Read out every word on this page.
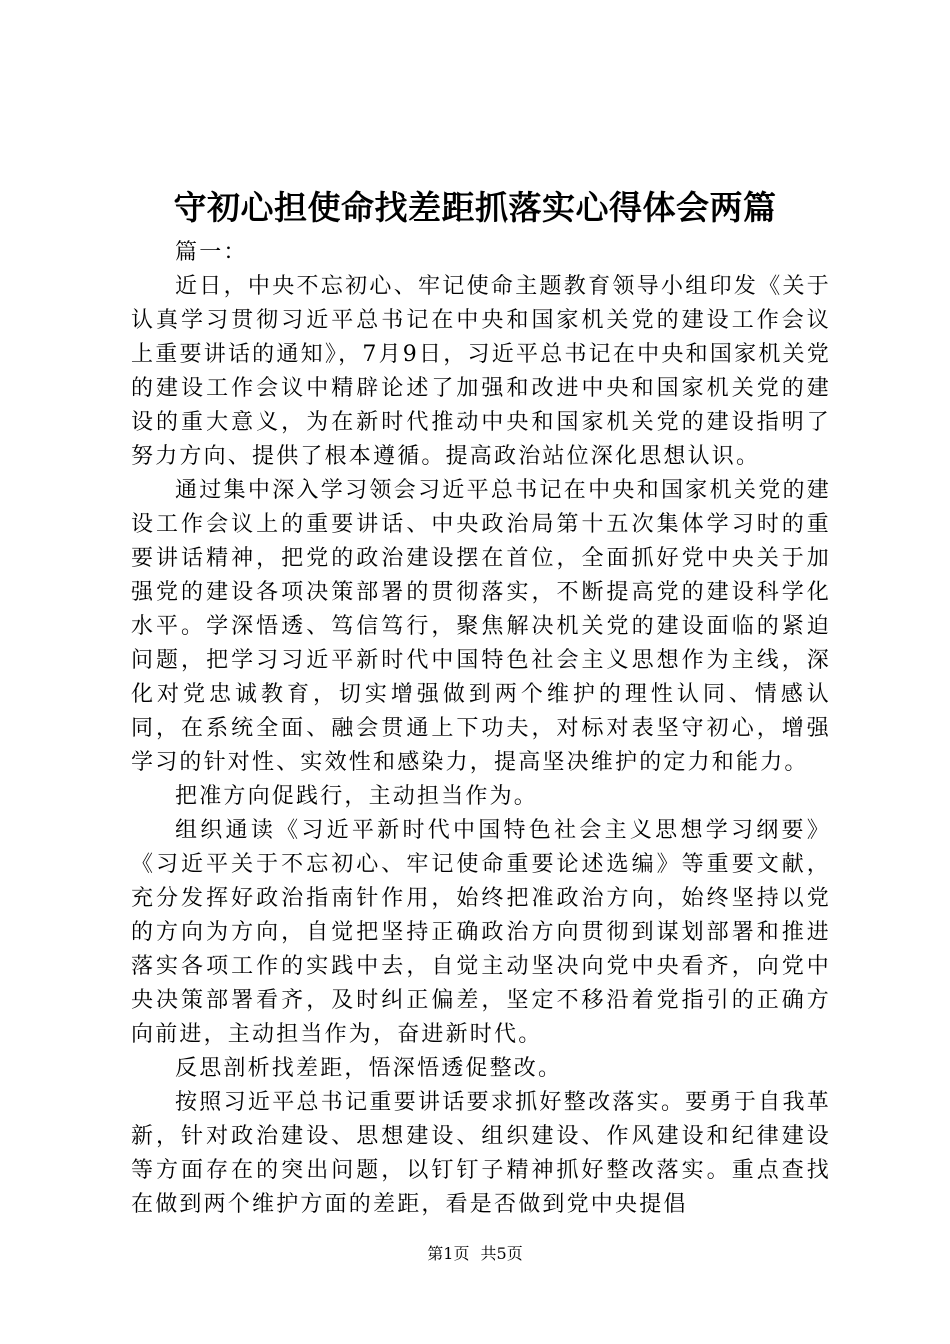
守初心担使命找差距抓落实心得体会两篇

篇一：

近日，中央不忘初心、牢记使命主题教育领导小组印发《关于认真学习贯彻习近平总书记在中央和国家机关党的建设工作会议上重要讲话的通知》，7月9日，习近平总书记在中央和国家机关党的建设工作会议中精辟论述了加强和改进中央和国家机关党的建设的重大意义，为在新时代推动中央和国家机关党的建设指明了努力方向、提供了根本遵循。提高政治站位深化思想认识。

通过集中深入学习领会习近平总书记在中央和国家机关党的建设工作会议上的重要讲话、中央政治局第十五次集体学习时的重要讲话精神，把党的政治建设摆在首位，全面抓好党中央关于加强党的建设各项决策部署的贯彻落实，不断提高党的建设科学化水平。学深悟透、笃信笃行，聚焦解决机关党的建设面临的紧迫问题，把学习习近平新时代中国特色社会主义思想作为主线，深化对党忠诚教育，切实增强做到两个维护的理性认同、情感认同，在系统全面、融会贯通上下功夫，对标对表坚守初心，增强学习的针对性、实效性和感染力，提高坚决维护的定力和能力。

把准方向促践行，主动担当作为。

组织通读《习近平新时代中国特色社会主义思想学习纲要》《习近平关于不忘初心、牢记使命重要论述选编》等重要文献，充分发挥好政治指南针作用，始终把准政治方向，始终坚持以党的方向为方向，自觉把坚持正确政治方向贯彻到谋划部署和推进落实各项工作的实践中去，自觉主动坚决向党中央看齐，向党中央决策部署看齐，及时纠正偏差，坚定不移沿着党指引的正确方向前进，主动担当作为，奋进新时代。

反思剖析找差距，悟深悟透促整改。

按照习近平总书记重要讲话要求抓好整改落实。要勇于自我革新，针对政治建设、思想建设、组织建设、作风建设和纪律建设等方面存在的突出问题，以钉钉子精神抓好整改落实。重点查找在做到两个维护方面的差距，看是否做到党中央提倡

第1页 共5页
